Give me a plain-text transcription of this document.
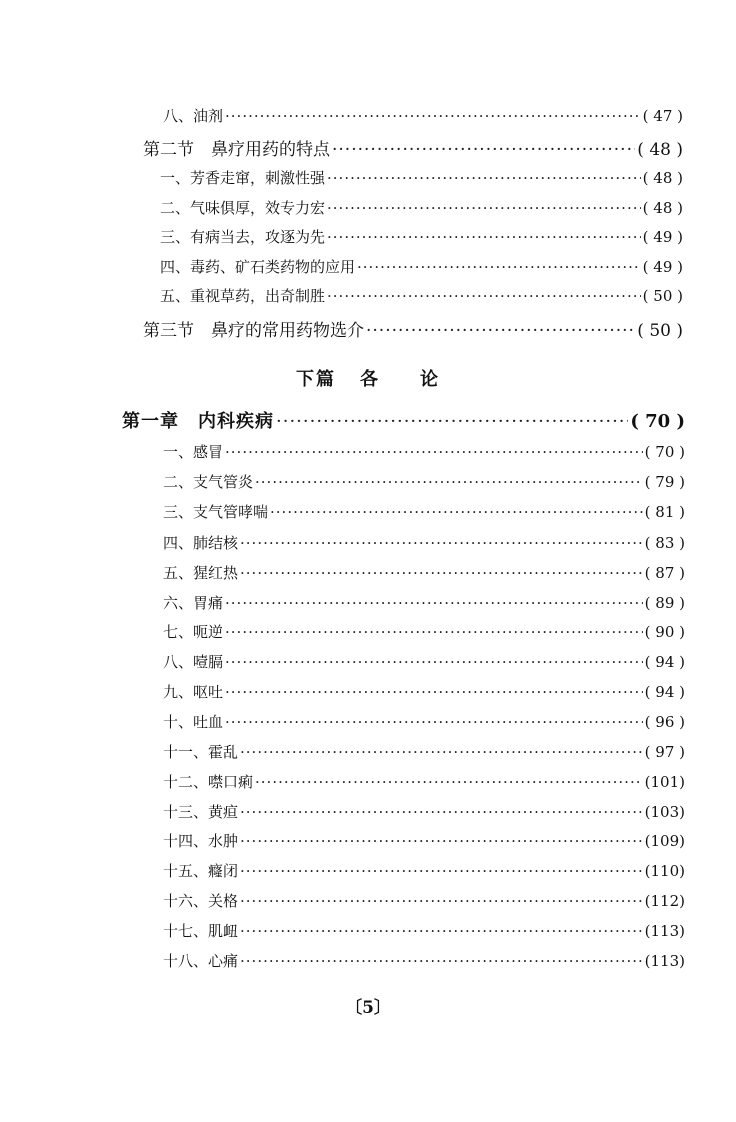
八、油剂 ·····	( 47 )
第二节　鼻疗用药的特点 ·····	( 48 )
一、芳香走窜，刺激性强 ·····	( 48 )
二、气味俱厚，效专力宏 ·····	( 48 )
三、有病当去，攻逐为先 ·····	( 49 )
四、毒药、矿石类药物的应用 ·····	( 49 )
五、重视草药，出奇制胜 ·····	( 50 )
第三节　鼻疗的常用药物选介 ·····	( 50 )
下篇 各 论
第一章　内科疾病 ·····	( 70 )
一、感冒 ·····	( 70 )
二、支气管炎 ·····	( 79 )
三、支气管哮喘 ·····	( 81 )
四、肺结核 ·····	( 83 )
五、猩红热 ·····	( 87 )
六、胃痛 ·····	( 89 )
七、呃逆 ·····	( 90 )
八、噎膈 ·····	( 94 )
九、呕吐 ·····	( 94 )
十、吐血 ·····	( 96 )
十一、霍乱 ·····	( 97 )
十二、噤口痢 ·····	(101)
十三、黄疸 ·····	(103)
十四、水肿 ·····	(109)
十五、癃闭 ·····	(110)
十六、关格 ·····	(112)
十七、肌衄 ·····	(113)
十八、心痛 ·····	(113)
〔5〕
